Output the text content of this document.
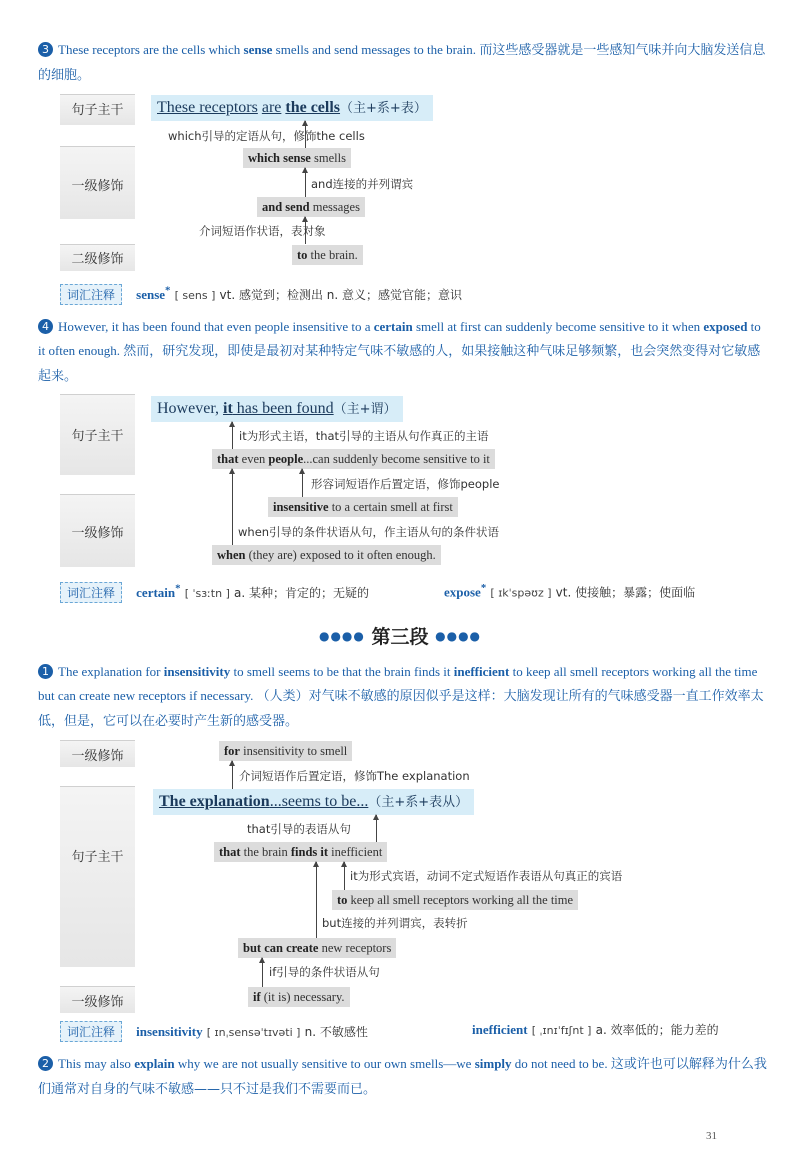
3 These receptors are the cells which sense smells and send messages to the brain. 而这些感受器就是一些感知气味并向大脑发送信息的细胞。
句子主干
一级修饰
二级修饰
These receptors are the cells（主+系+表）
which引导的定语从句，修饰the cells
which sense smells
and连接的并列谓宾
and send messages
介词短语作状语，表对象
to the brain.
词汇注释 sense* [ sens ] vt. 感觉到；检测出 n. 意义；感觉官能；意识
4 However, it has been found that even people insensitive to a certain smell at first can suddenly become sensitive to it when exposed to it often enough. 然而，研究发现，即使是最初对某种特定气味不敏感的人，如果接触这种气味足够频繁，也会突然变得对它敏感起来。
句子主干
一级修饰
However, it has been found（主+谓）
it为形式主语，that引导的主语从句作真正的主语
that even people...can suddenly become sensitive to it
形容词短语作后置定语，修饰people
insensitive to a certain smell at first
when引导的条件状语从句，作主语从句的条件状语
when (they are) exposed to it often enough.
词汇注释 certain* [ ˈsɜːtn ] a. 某种；肯定的；无疑的	expose* [ ɪkˈspəʊz ] vt. 使接触；暴露；使面临
●●●● 第三段 ●●●●
1 The explanation for insensitivity to smell seems to be that the brain finds it inefficient to keep all smell receptors working all the time but can create new receptors if necessary. （人类）对气味不敏感的原因似乎是这样：大脑发现让所有的气味感受器一直工作效率太低，但是，它可以在必要时产生新的感受器。
一级修饰
句子主干
一级修饰
for insensitivity to smell
介词短语作后置定语，修饰The explanation
The explanation...seems to be...（主+系+表从）
that引导的表语从句
that the brain finds it inefficient
it为形式宾语，动词不定式短语作表语从句真正的宾语
to keep all smell receptors working all the time
but连接的并列谓宾，表转折
but can create new receptors
if引导的条件状语从句
if (it is) necessary.
词汇注释 insensitivity [ ɪnˌsensəˈtɪvəti ] n. 不敏感性	inefficient [ ˌɪnɪˈfɪʃnt ] a. 效率低的；能力差的
2 This may also explain why we are not usually sensitive to our own smells—we simply do not need to be. 这或许也可以解释为什么我们通常对自身的气味不敏感——只不过是我们不需要而已。
31
